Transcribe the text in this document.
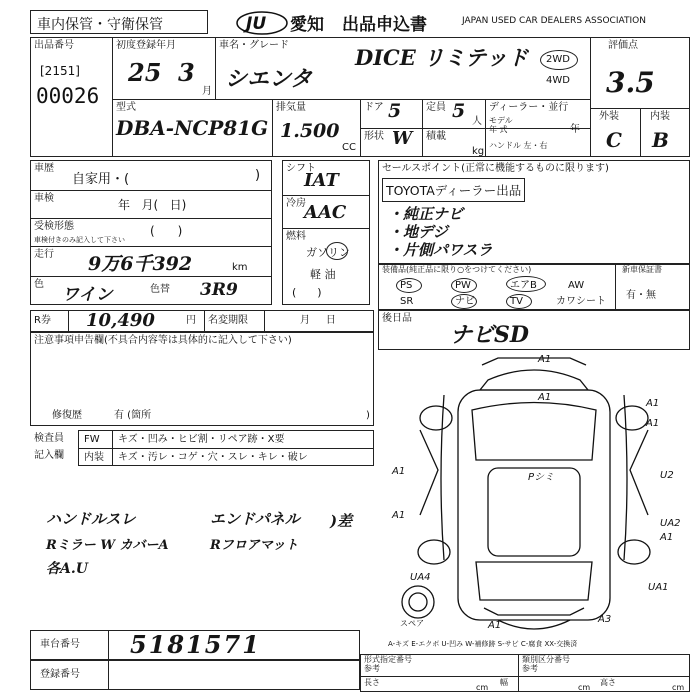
車内保管・守衛保管	JU 愛知 出品申込書	JAPAN USED CAR DEALERS ASSOCIATION
出品番号
[2151]
00026
初度登録年月
25 3
月
車名・グレード
シエンタ
DICE リミテッド 2WD
4WD
評価点
3.5
外装	内装
C B
型式
DBA-NCP81G
排気量
1.500
CC
ドア 5 定員 5 人
形状 W 積載
kg
ディーラー・並行
モデル
年 式	年
ハンドル 左・右
車歴
自家用・(	)
車検	年   月(   日)
受検形態
車検付きのみ記入して下さい
(      )
走行 9万6千392	km
色
ワイン	色替 3R9
シフト
IAT
冷房
AAC
燃料
ガソリン
軽 油
(      )
セールスポイント(正常に機能するものに限ります)
TOYOTAディーラー出品
・純正ナビ
・地デジ
・片側パワスラ
装備品(純正品に限り○をつけてください)
PS	PW	エアB	AW
SR	ナビ	TV	カワシート
新車保証書
有・無
R券 10,490	円 名変期限	月     日	後日品
ナビSD
注意事項申告欄(不具合内容等は具体的に記入して下さい)
修復歴	有 (箇所	)
検査員
記入欄
FW キズ・凹み・ヒビ割・リペア跡・X要
内装 キズ・汚レ・コゲ・穴・スレ・キレ・破レ
ハンドルスレ	エンドパネル )差
Rミラー W カバーA	Rフロアマット
各A.U
車台番号 5181571
登録番号
形式指定番号
参考
類別区分番号
参考
長さ
cm
幅
cm
高さ
cm
A1
A1
A1
A1
A1
A1
U2
UA2
A1
UA4
UA1
A1
A3
Pシミ
スペア
A-キズ E-エクボ U-凹み W-補修跡 S-サビ C-腐食 XX-交換済
